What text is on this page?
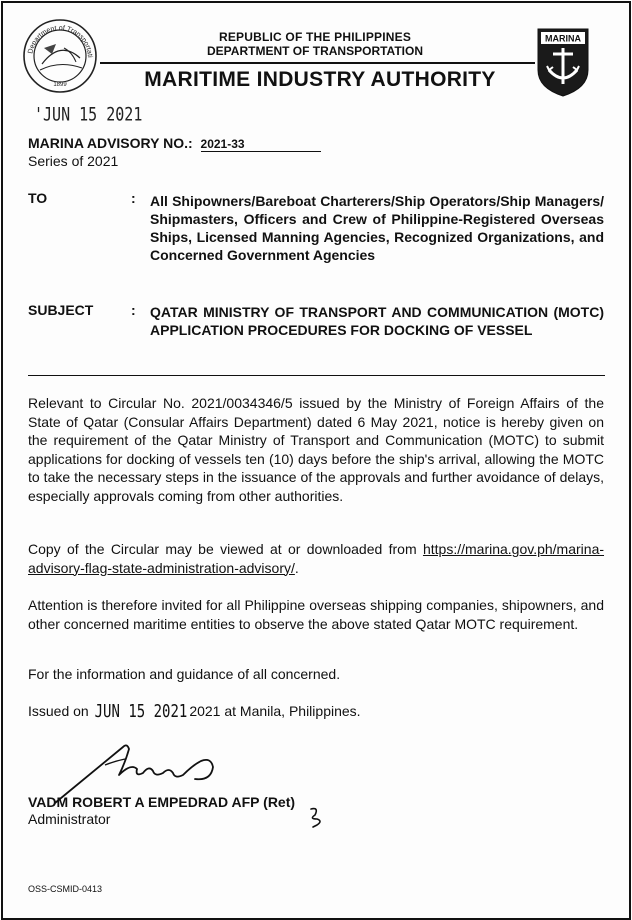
Department of Transportati
1899
REPUBLIC OF THE PHILIPPINES
DEPARTMENT OF TRANSPORTATION
MARITIME INDUSTRY AUTHORITY
MARINA
'JUN 15 2021
MARINA ADVISORY NO.: 2021-33
Series of 2021
TO	: All Shipowners/Bareboat Charterers/Ship Operators/Ship Managers/ Shipmasters, Officers and Crew of Philippine-Registered Overseas Ships, Licensed Manning Agencies, Recognized Organizations, and Concerned Government Agencies
SUBJECT	: QATAR MINISTRY OF TRANSPORT AND COMMUNICATION (MOTC) APPLICATION PROCEDURES FOR DOCKING OF VESSEL
Relevant to Circular No. 2021/0034346/5 issued by the Ministry of Foreign Affairs of the State of Qatar (Consular Affairs Department) dated 6 May 2021, notice is hereby given on the requirement of the Qatar Ministry of Transport and Communication (MOTC) to submit applications for docking of vessels ten (10) days before the ship's arrival, allowing the MOTC to take the necessary steps in the issuance of the approvals and further avoidance of delays, especially approvals coming from other authorities.
Copy of the Circular may be viewed at or downloaded from https://marina.gov.ph/marina-advisory-flag-state-administration-advisory/.
Attention is therefore invited for all Philippine overseas shipping companies, shipowners, and other concerned maritime entities to observe the above stated Qatar MOTC requirement.
For the information and guidance of all concerned.
Issued on JUN 15 2021 2021 at Manila, Philippines.
VADM ROBERT A EMPEDRAD AFP (Ret)
Administrator
OSS-CSMID-0413
